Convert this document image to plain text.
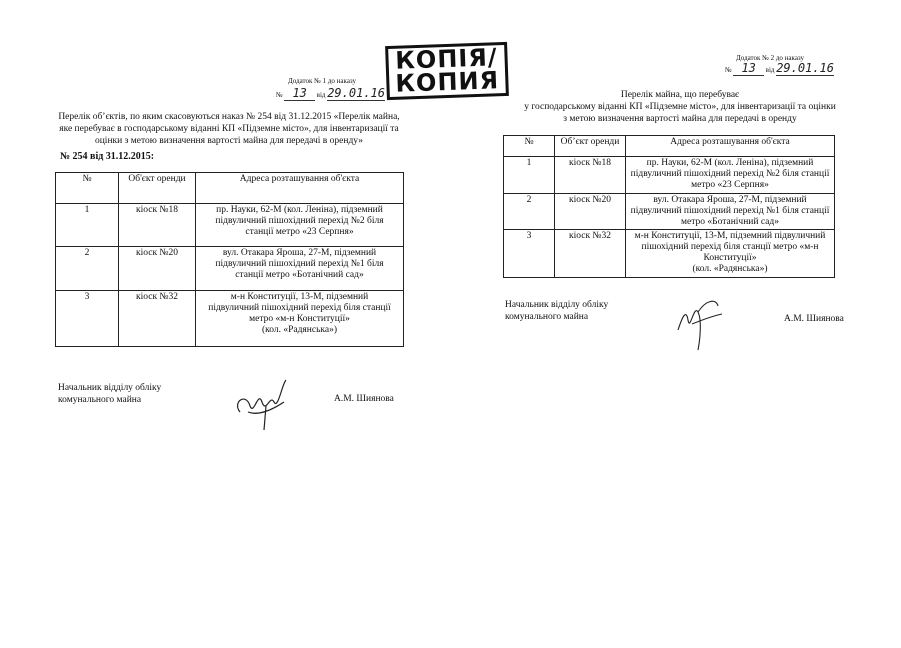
КОПІЯ/
КОПИЯ
Додаток № 1 до наказу
№ 13 від 29.01.16
Перелік об’єктів, по яким скасовуються наказ № 254 від 31.12.2015 «Перелік майна,
яке перебуває в господарському віданні КП «Підземне місто», для інвентаризації та
оцінки з метою визначення вартості майна для передачі в оренду»
№ 254 від 31.12.2015:
№	Об'єкт оренди	Адреса розташування об'єкта
1	кіоск №18	пр. Науки, 62-М (кол. Леніна), підземний
підвуличний пішохідний перехід №2 біля
станції метро «23 Серпня»

2	кіоск №20	вул. Отакара Яроша, 27-М, підземний
підвуличний пішохідний перехід №1 біля
станції метро «Ботанічний сад»

3	кіоск №32	м-н Конституції, 13-М, підземний
підвуличний пішохідний перехід біля станції
метро «м-н Конституції»
(кол. «Радянська»)
Начальник відділу обліку
комунального майна	А.М. Шиянова
Додаток № 2 до наказу
№ 13 від 29.01.16
Перелік майна, що перебуває
у господарському віданні КП «Підземне місто», для інвентаризації та оцінки
з метою визначення вартості майна для передачі в оренду
№	Об’єкт оренди	Адреса розташування об'єкта
1	кіоск №18	пр. Науки, 62-М (кол. Леніна), підземний
підвуличний пішохідний перехід №2 біля станції
метро «23 Серпня»

2	кіоск №20	вул. Отакара Яроша, 27-М, підземний
підвуличний пішохідний перехід №1 біля станції
метро «Ботанічний сад»

3	кіоск №32	м-н Конституції, 13-М, підземний підвуличний
пішохідний перехід біля станції метро «м-н
Конституції»
(кол. «Радянська»)
Начальник відділу обліку
комунального майна	А.М. Шиянова
